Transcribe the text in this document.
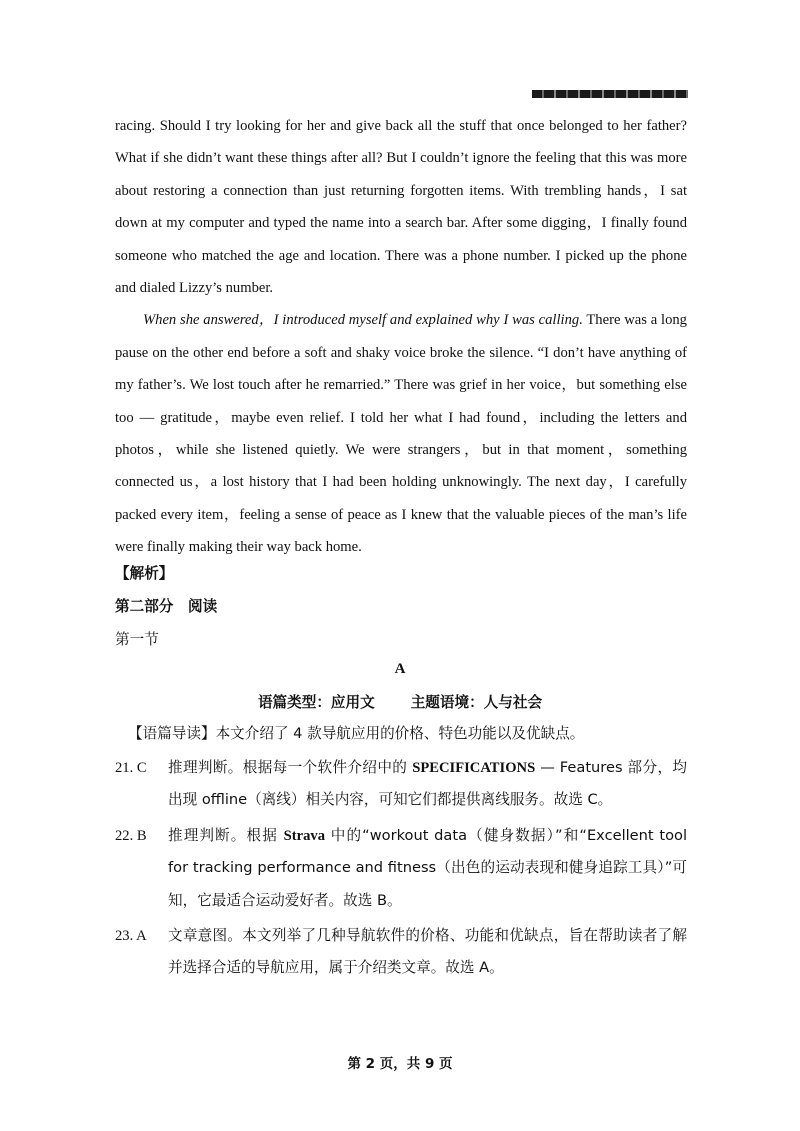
racing. Should I try looking for her and give back all the stuff that once belonged to her father? What if she didn’t want these things after all? But I couldn’t ignore the feeling that this was more about restoring a connection than just returning forgotten items. With trembling hands，I sat down at my computer and typed the name into a search bar. After some digging，I finally found someone who matched the age and location. There was a phone number. I picked up the phone and dialed Lizzy’s number.

When she answered，I introduced myself and explained why I was calling. There was a long pause on the other end before a soft and shaky voice broke the silence. “I don’t have anything of my father’s. We lost touch after he remarried.” There was grief in her voice，but something else too — gratitude，maybe even relief. I told her what I had found，including the letters and photos，while she listened quietly. We were strangers，but in that moment，something connected us，a lost history that I had been holding unknowingly. The next day，I carefully packed every item，feeling a sense of peace as I knew that the valuable pieces of the man’s life were finally making their way back home.

【解析】
第二部分　阅读
第一节
A
语篇类型：应用文 主题语境：人与社会
【语篇导读】本文介绍了 4 款导航应用的价格、特色功能以及优缺点。
21. C 推理判断。根据每一个软件介绍中的 SPECIFICATIONS — Features 部分，均出现 offline（离线）相关内容，可知它们都提供离线服务。故选 C。
22. B 推理判断。根据 Strava 中的“workout data（健身数据）”和“Excellent tool for tracking performance and fitness（出色的运动表现和健身追踪工具）”可知，它最适合运动爱好者。故选 B。
23. A 文章意图。本文列举了几种导航软件的价格、功能和优缺点，旨在帮助读者了解并选择合适的导航应用，属于介绍类文章。故选 A。
第 2 页，共 9 页
